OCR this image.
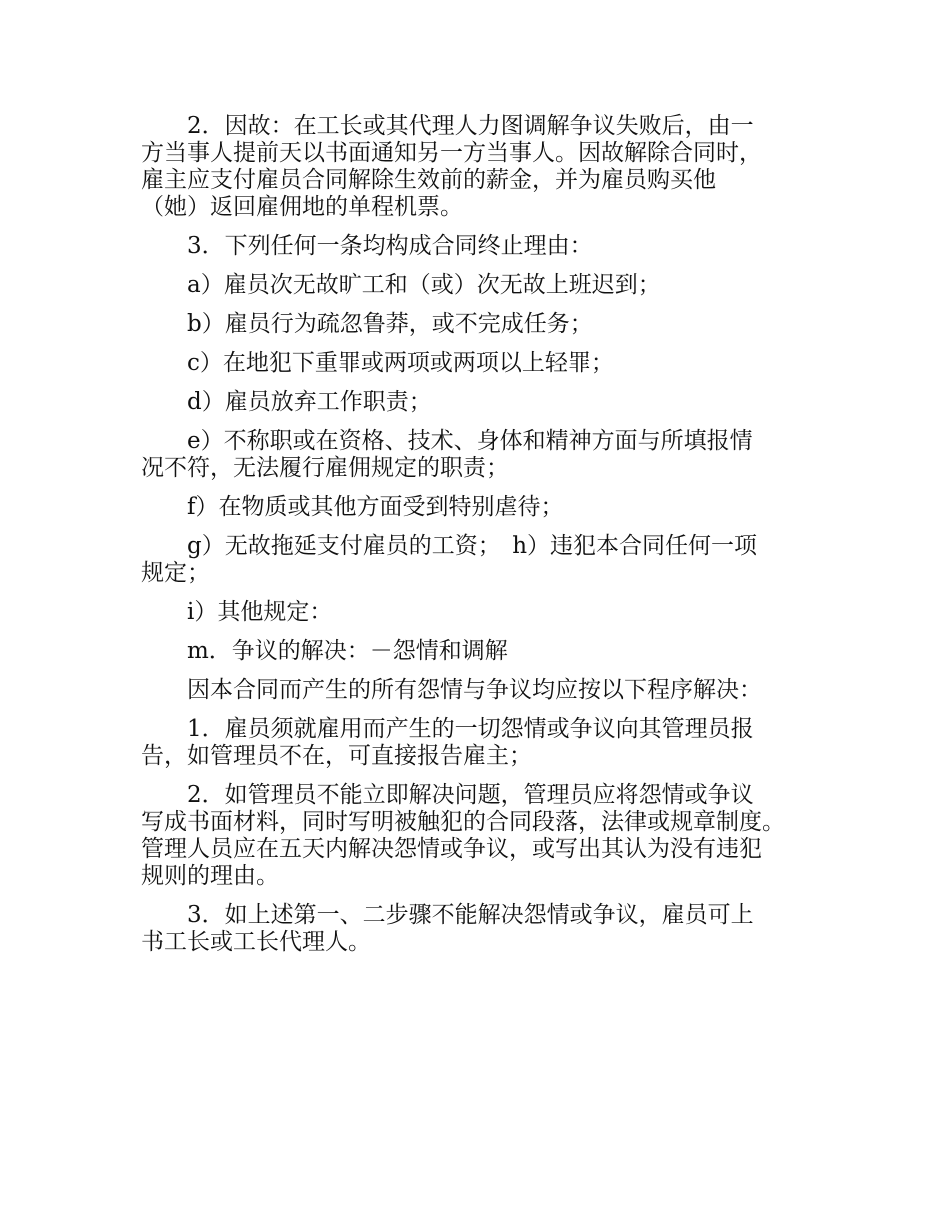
2．因故：在工长或其代理人力图调解争议失败后，由一
方当事人提前天以书面通知另一方当事人。因故解除合同时，
雇主应支付雇员合同解除生效前的薪金，并为雇员购买他
（她）返回雇佣地的单程机票。
3．下列任何一条均构成合同终止理由：
a）雇员次无故旷工和（或）次无故上班迟到；
b）雇员行为疏忽鲁莽，或不完成任务；
c）在地犯下重罪或两项或两项以上轻罪；
d）雇员放弃工作职责；
e）不称职或在资格、技术、身体和精神方面与所填报情
况不符，无法履行雇佣规定的职责；
f）在物质或其他方面受到特别虐待；
g）无故拖延支付雇员的工资；　h）违犯本合同任何一项
规定；
i）其他规定：
m．争议的解决：－怨情和调解
因本合同而产生的所有怨情与争议均应按以下程序解决：
1．雇员须就雇用而产生的一切怨情或争议向其管理员报
告，如管理员不在，可直接报告雇主；
2．如管理员不能立即解决问题，管理员应将怨情或争议
写成书面材料，同时写明被触犯的合同段落，法律或规章制度。
管理人员应在五天内解决怨情或争议，或写出其认为没有违犯
规则的理由。
3．如上述第一、二步骤不能解决怨情或争议，雇员可上
书工长或工长代理人。
